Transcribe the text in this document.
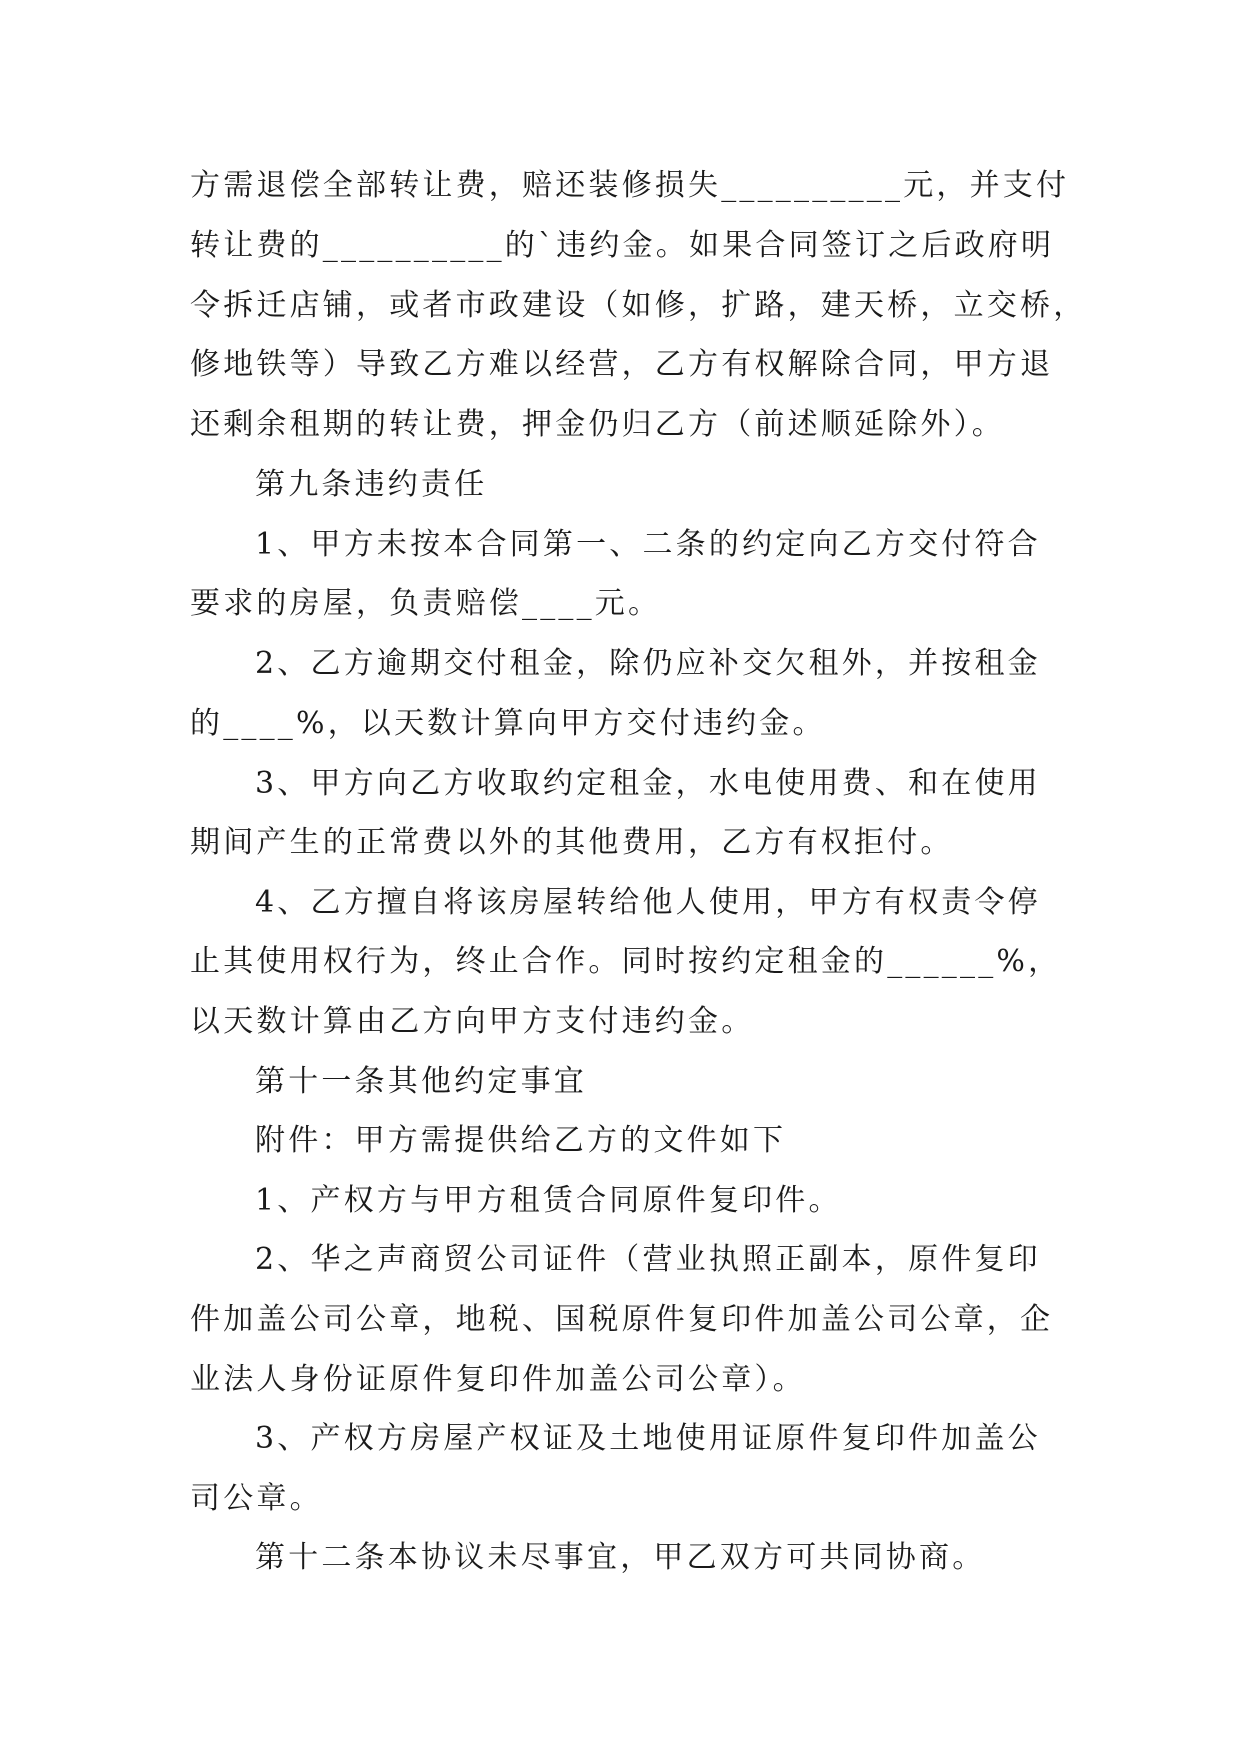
方需退偿全部转让费，赔还装修损失__________元，并支付
转让费的__________的`违约金。如果合同签订之后政府明
令拆迁店铺，或者市政建设（如修，扩路，建天桥，立交桥，
修地铁等）导致乙方难以经营，乙方有权解除合同，甲方退
还剩余租期的转让费，押金仍归乙方（前述顺延除外）。
第九条违约责任
1、甲方未按本合同第一、二条的约定向乙方交付符合
要求的房屋，负责赔偿____元。
2、乙方逾期交付租金，除仍应补交欠租外，并按租金
的____%，以天数计算向甲方交付违约金。
3、甲方向乙方收取约定租金，水电使用费、和在使用
期间产生的正常费以外的其他费用，乙方有权拒付。
4、乙方擅自将该房屋转给他人使用，甲方有权责令停
止其使用权行为，终止合作。同时按约定租金的______%，
以天数计算由乙方向甲方支付违约金。
第十一条其他约定事宜
附件：甲方需提供给乙方的文件如下
1、产权方与甲方租赁合同原件复印件。
2、华之声商贸公司证件（营业执照正副本，原件复印
件加盖公司公章，地税、国税原件复印件加盖公司公章，企
业法人身份证原件复印件加盖公司公章）。
3、产权方房屋产权证及土地使用证原件复印件加盖公
司公章。
第十二条本协议未尽事宜，甲乙双方可共同协商。
